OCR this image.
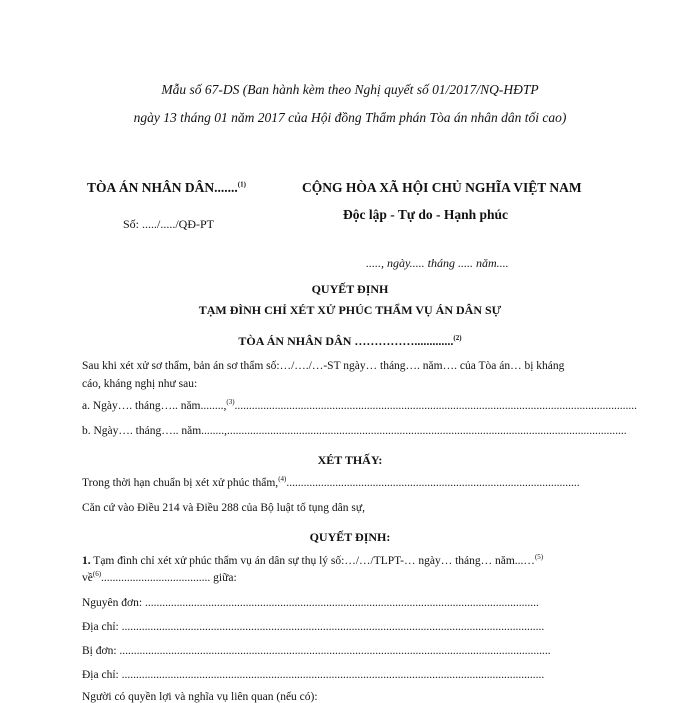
Mẫu số 67-DS (Ban hành kèm theo Nghị quyết số 01/2017/NQ-HĐTP
ngày 13 tháng 01 năm 2017 của Hội đồng Thẩm phán Tòa án nhân dân tối cao)
TÒA ÁN NHÂN DÂN.......$^{(1)}$
Số: ...../...../QĐ-PT
CỘNG HÒA XÃ HỘI CHỦ NGHĨA VIỆT NAM
Độc lập - Tự do - Hạnh phúc
....., ngày..... tháng ..... năm....
QUYẾT ĐỊNH
TẠM ĐÌNH CHỈ XÉT XỬ PHÚC THẨM VỤ ÁN DÂN SỰ
TÒA ÁN NHÂN DÂN …………….............$^{(2)}$
Sau khi xét xử sơ thẩm, bản án sơ thẩm số:…/…./…-ST ngày… tháng…. năm…. của Tòa án… bị kháng
cáo, kháng nghị như sau:
a. Ngày…. tháng….. năm........,$^{(3)}$............................................................................................................................................
b. Ngày…. tháng….. năm........,...........................................................................................................................................
XÉT THẤY:
Trong thời hạn chuẩn bị xét xử phúc thẩm,$^{(4)}$......................................................................................................
Căn cứ vào Điều 214 và Điều 288 của Bộ luật tố tụng dân sự,
QUYẾT ĐỊNH:
1. Tạm đình chỉ xét xử phúc thẩm vụ án dân sự thụ lý số:…/…/TLPT-… ngày… tháng… năm...…$^{(5)}$
về$^{(6)}$...................................... giữa:
Nguyên đơn: .........................................................................................................................................
Địa chỉ: ...................................................................................................................................................
Bị đơn: ......................................................................................................................................................
Địa chỉ: ...................................................................................................................................................
Người có quyền lợi và nghĩa vụ liên quan (nếu có):
